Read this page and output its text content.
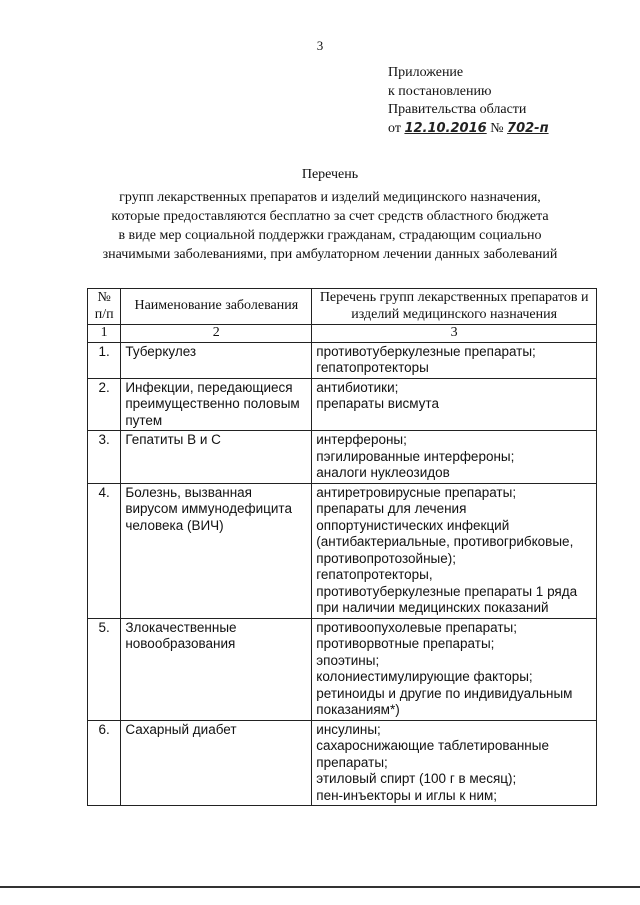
3
Приложение
к постановлению
Правительства области
от 12.10.2016 № 702-п
Перечень
групп лекарственных препаратов и изделий медицинского назначения,
которые предоставляются бесплатно за счет средств областного бюджета
в виде мер социальной поддержки гражданам, страдающим социально
значимыми заболеваниями, при амбулаторном лечении данных заболеваний
№ п/п	Наименование заболевания	Перечень групп лекарственных препаратов и изделий медицинского назначения
1	2	3
1.	Туберкулез	противотуберкулезные препараты;
гепатопротекторы

2.	Инфекции, передающиеся преимущественно половым путем	антибиотики;
препараты висмута

3.	Гепатиты В и С	интерфероны;
пэгилированные интерфероны;
аналоги нуклеозидов

4.	Болезнь, вызванная вирусом иммунодефицита человека (ВИЧ)	антиретровирусные препараты;
препараты для лечения оппортунистических инфекций (антибактериальные, противогрибковые, противопротозойные);
гепатопротекторы,
противотуберкулезные препараты 1 ряда при наличии медицинских показаний

5.	Злокачественные новообразования	противоопухолевые препараты;
противорвотные препараты;
эпоэтины;
колониестимулирующие факторы;
ретиноиды и другие по индивидуальным показаниям*)

6.	Сахарный диабет	инсулины;
сахароснижающие таблетированные препараты;
этиловый спирт (100 г в месяц);
пен-инъекторы и иглы к ним;
